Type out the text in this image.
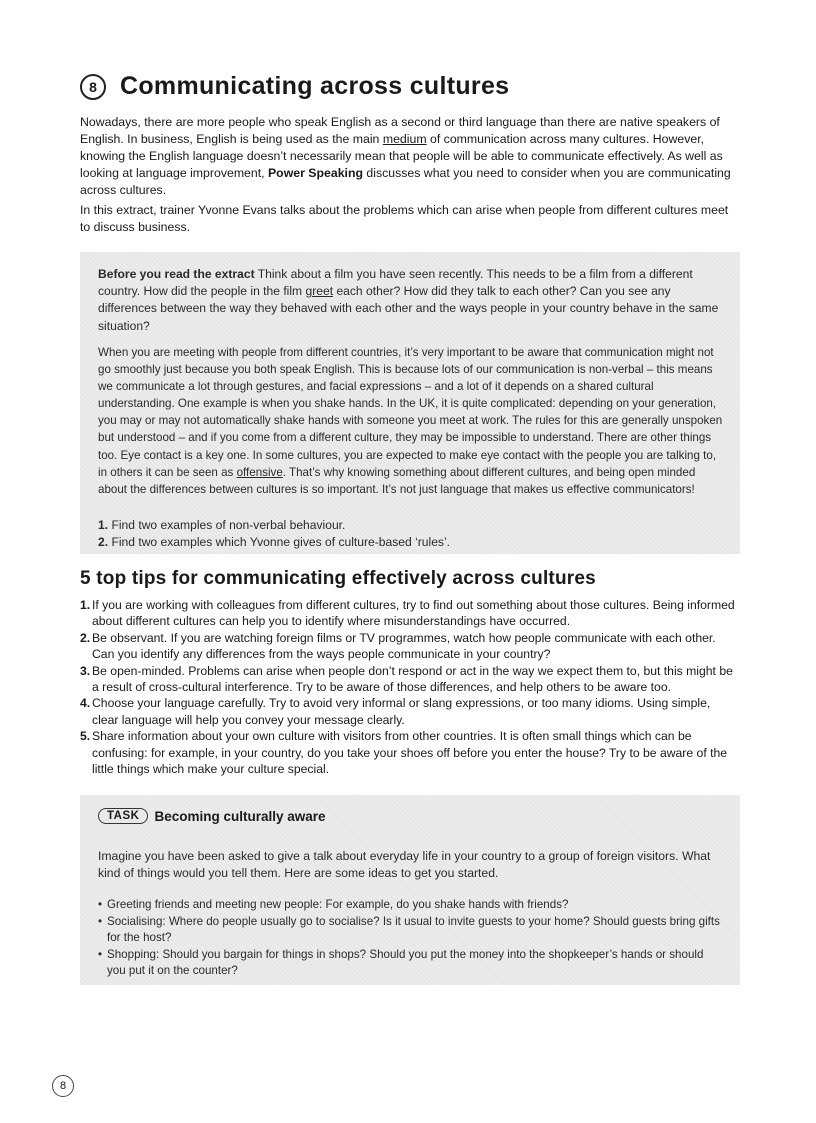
8 Communicating across cultures
Nowadays, there are more people who speak English as a second or third language than there are native speakers of English. In business, English is being used as the main medium of communication across many cultures. However, knowing the English language doesn’t necessarily mean that people will be able to communicate effectively. As well as looking at language improvement, Power Speaking discusses what you need to consider when you are communicating across cultures.
In this extract, trainer Yvonne Evans talks about the problems which can arise when people from different cultures meet to discuss business.
Before you read the extract Think about a film you have seen recently. This needs to be a film from a different country. How did the people in the film greet each other? How did they talk to each other? Can you see any differences between the way they behaved with each other and the ways people in your country behave in the same situation?
When you are meeting with people from different countries, it’s very important to be aware that communication might not go smoothly just because you both speak English. This is because lots of our communication is non-verbal – this means we communicate a lot through gestures, and facial expressions – and a lot of it depends on a shared cultural understanding. One example is when you shake hands. In the UK, it is quite complicated: depending on your generation, you may or may not automatically shake hands with someone you meet at work. The rules for this are generally unspoken but understood – and if you come from a different culture, they may be impossible to understand. There are other things too. Eye contact is a key one. In some cultures, you are expected to make eye contact with the people you are talking to, in others it can be seen as offensive. That’s why knowing something about different cultures, and being open minded about the differences between cultures is so important. It’s not just language that makes us effective communicators!
1. Find two examples of non-verbal behaviour.
2. Find two examples which Yvonne gives of culture-based ‘rules’.
5 top tips for communicating effectively across cultures
1. If you are working with colleagues from different cultures, try to find out something about those cultures. Being informed about different cultures can help you to identify where misunderstandings have occurred.
2. Be observant. If you are watching foreign films or TV programmes, watch how people communicate with each other. Can you identify any differences from the ways people communicate in your country?
3. Be open-minded. Problems can arise when people don’t respond or act in the way we expect them to, but this might be a result of cross-cultural interference. Try to be aware of those differences, and help others to be aware too.
4. Choose your language carefully. Try to avoid very informal or slang expressions, or too many idioms. Using simple, clear language will help you convey your message clearly.
5. Share information about your own culture with visitors from other countries. It is often small things which can be confusing: for example, in your country, do you take your shoes off before you enter the house? Try to be aware of the little things which make your culture special.
TASK	Becoming culturally aware
Imagine you have been asked to give a talk about everyday life in your country to a group of foreign visitors. What kind of things would you tell them. Here are some ideas to get you started.
• Greeting friends and meeting new people: For example, do you shake hands with friends?
• Socialising: Where do people usually go to socialise? Is it usual to invite guests to your home? Should guests bring gifts for the host?
• Shopping: Should you bargain for things in shops? Should you put the money into the shopkeeper’s hands or should you put it on the counter?
8
